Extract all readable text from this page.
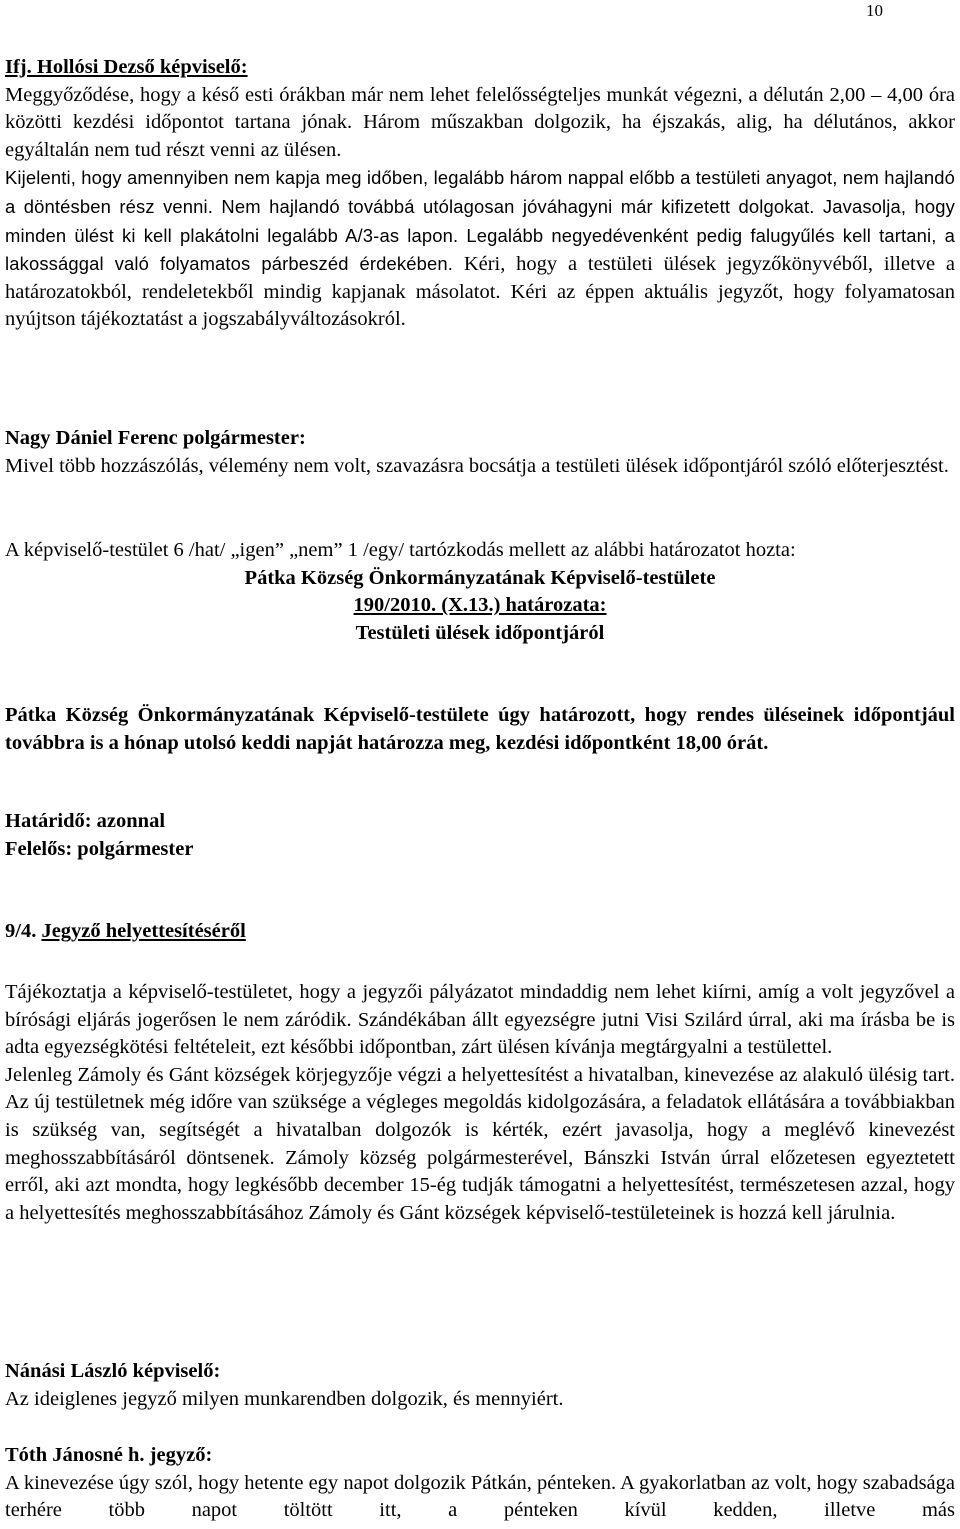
10

Ifj. Hollósi Dezső képviselő:

Meggyőződése, hogy a késő esti órákban már nem lehet felelősségteljes munkát végezni, a délután 2,00 – 4,00 óra közötti kezdési időpontot tartana jónak. Három műszakban dolgozik, ha éjszakás, alig, ha délutános, akkor egyáltalán nem tud részt venni az ülésen.

Kijelenti, hogy amennyiben nem kapja meg időben, legalább három nappal előbb a testületi anyagot, nem hajlandó a döntésben rész venni. Nem hajlandó továbbá utólagosan jóváhagyni már kifizetett dolgokat. Javasolja, hogy minden ülést ki kell plakátolni legalább A/3-as lapon. Legalább negyedévenként pedig falugyűlés kell tartani, a lakossággal való folyamatos párbeszéd érdekében. Kéri, hogy a testületi ülések jegyzőkönyvéből, illetve a határozatokból, rendeletekből mindig kapjanak másolatot. Kéri az éppen aktuális jegyzőt, hogy folyamatosan nyújtson tájékoztatást a jogszabályváltozásokról.

Nagy Dániel Ferenc polgármester:

Mivel több hozzászólás, vélemény nem volt, szavazásra bocsátja a testületi ülések időpontjáról szóló előterjesztést.

A képviselő-testület 6 /hat/ „igen” „nem” 1 /egy/ tartózkodás mellett az alábbi határozatot hozta:

Pátka Község Önkormányzatának Képviselő-testülete

190/2010. (X.13.) határozata:

Testületi ülések időpontjáról

Pátka Község Önkormányzatának Képviselő-testülete úgy határozott, hogy rendes üléseinek időpontjául továbbra is a hónap utolsó keddi napját határozza meg, kezdési időpontként 18,00 órát.

Határidő: azonnal

Felelős: polgármester

9/4. Jegyző helyettesítéséről

Tájékoztatja a képviselő-testületet, hogy a jegyzői pályázatot mindaddig nem lehet kiírni, amíg a volt jegyzővel a bírósági eljárás jogerősen le nem záródik. Szándékában állt egyezségre jutni Visi Szilárd úrral, aki ma írásba be is adta egyezségkötési feltételeit, ezt későbbi időpontban, zárt ülésen kívánja megtárgyalni a testülettel.

Jelenleg Zámoly és Gánt községek körjegyzője végzi a helyettesítést a hivatalban, kinevezése az alakuló ülésig tart. Az új testületnek még időre van szüksége a végleges megoldás kidolgozására, a feladatok ellátására a továbbiakban is szükség van, segítségét a hivatalban dolgozók is kérték, ezért javasolja, hogy a meglévő kinevezést meghosszabbításáról döntsenek. Zámoly község polgármesterével, Bánszki István úrral előzetesen egyeztetett erről, aki azt mondta, hogy legkésőbb december 15-ég tudják támogatni a helyettesítést, természetesen azzal, hogy a helyettesítés meghosszabbításához Zámoly és Gánt községek képviselő-testületeinek is hozzá kell járulnia.

Nánási László képviselő:

Az ideiglenes jegyző milyen munkarendben dolgozik, és mennyiért.

Tóth Jánosné h. jegyző:

A kinevezése úgy szól, hogy hetente egy napot dolgozik Pátkán, pénteken. A gyakorlatban az volt, hogy szabadsága terhére több napot töltött itt, a pénteken kívül kedden, illetve más
